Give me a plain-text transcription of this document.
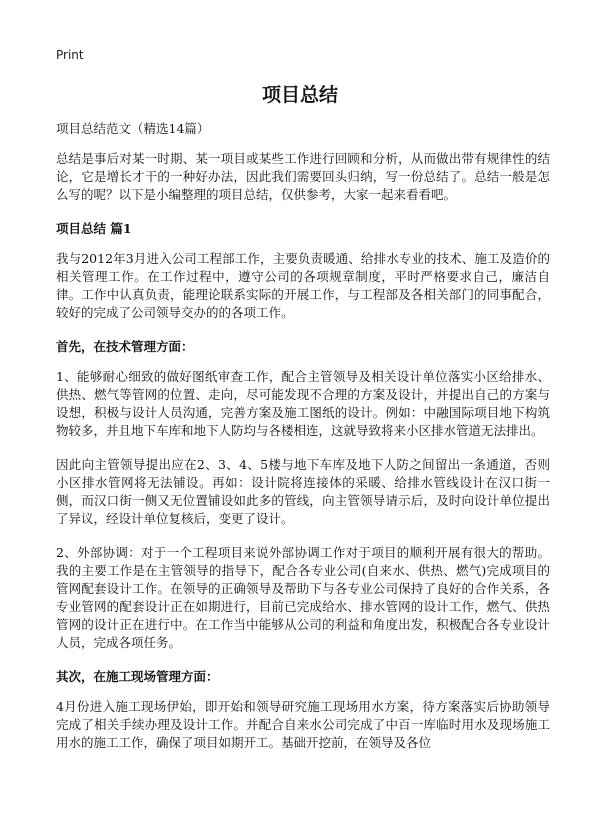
Print
项目总结
项目总结范文（精选14篇）

总结是事后对某一时期、某一项目或某些工作进行回顾和分析，从而做出带有规律性的结论，它是增长才干的一种好办法，因此我们需要回头归纳，写一份总结了。总结一般是怎么写的呢？以下是小编整理的项目总结，仅供参考，大家一起来看看吧。

项目总结 篇1

我与2012年3月进入公司工程部工作，主要负责暖通、给排水专业的技术、施工及造价的相关管理工作。在工作过程中，遵守公司的各项规章制度，平时严格要求自己，廉洁自律。工作中认真负责，能理论联系实际的开展工作，与工程部及各相关部门的同事配合，较好的完成了公司领导交办的的各项工作。

首先，在技术管理方面：

1、能够耐心细致的做好图纸审查工作，配合主管领导及相关设计单位落实小区给排水、供热、燃气等管网的位置、走向，尽可能发现不合理的方案及设计，并提出自己的方案与设想，积极与设计人员沟通，完善方案及施工图纸的设计。例如：中融国际项目地下构筑物较多，并且地下车库和地下人防均与各楼相连，这就导致将来小区排水管道无法排出。

因此向主管领导提出应在2、3、4、5楼与地下车库及地下人防之间留出一条通道，否则小区排水管网将无法铺设。再如：设计院将连接体的采暖、给排水管线设计在汉口街一侧，而汉口街一侧又无位置铺设如此多的管线，向主管领导请示后，及时向设计单位提出了异议，经设计单位复核后，变更了设计。

2、外部协调：对于一个工程项目来说外部协调工作对于项目的顺利开展有很大的帮助。我的主要工作是在主管领导的指导下，配合各专业公司(自来水、供热、燃气)完成项目的管网配套设计工作。在领导的正确领导及帮助下与各专业公司保持了良好的合作关系，各专业管网的配套设计正在如期进行，目前已完成给水、排水管网的设计工作，燃气、供热管网的设计正在进行中。在工作当中能够从公司的利益和角度出发，积极配合各专业设计人员，完成各项任务。

其次，在施工现场管理方面：

4月份进入施工现场伊始，即开始和领导研究施工现场用水方案，待方案落实后协助领导完成了相关手续办理及设计工作。并配合自来水公司完成了中百一库临时用水及现场施工用水的施工工作，确保了项目如期开工。基础开挖前，在领导及各位
